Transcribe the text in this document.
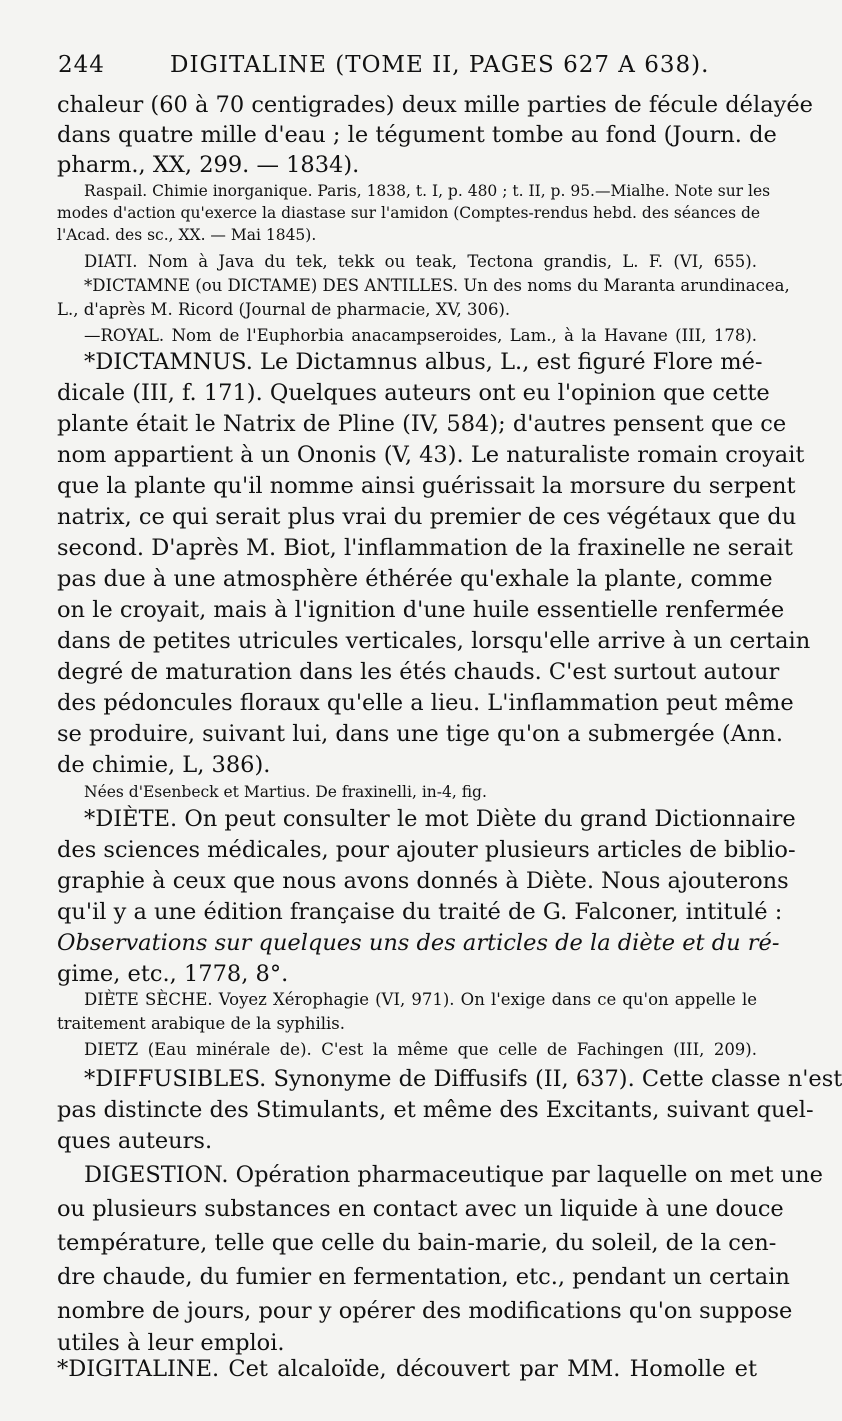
244	DIGITALINE (TOME II, PAGES 627 A 638).
chaleur (60 à 70 centigrades) deux mille parties de fécule délayée
dans quatre mille d'eau ; le tégument tombe au fond (Journ. de
pharm., XX, 299. — 1834).
Raspail. Chimie inorganique. Paris, 1838, t. I, p. 480 ; t. II, p. 95.—Mialhe. Note sur les
modes d'action qu'exerce la diastase sur l'amidon (Comptes-rendus hebd. des séances de
l'Acad. des sc., XX. — Mai 1845).
DIATI. Nom à Java du tek, tekk ou teak, Tectona grandis, L. F. (VI, 655).
*DICTAMNE (ou DICTAME) DES ANTILLES. Un des noms du Maranta arundinacea,
L., d'après M. Ricord (Journal de pharmacie, XV, 306).
—ROYAL. Nom de l'Euphorbia anacampseroides, Lam., à la Havane (III, 178).
*DICTAMNUS. Le Dictamnus albus, L., est figuré Flore mé-
dicale (III, f. 171). Quelques auteurs ont eu l'opinion que cette
plante était le Natrix de Pline (IV, 584); d'autres pensent que ce
nom appartient à un Ononis (V, 43). Le naturaliste romain croyait
que la plante qu'il nomme ainsi guérissait la morsure du serpent
natrix, ce qui serait plus vrai du premier de ces végétaux que du
second. D'après M. Biot, l'inflammation de la fraxinelle ne serait
pas due à une atmosphère éthérée qu'exhale la plante, comme
on le croyait, mais à l'ignition d'une huile essentielle renfermée
dans de petites utricules verticales, lorsqu'elle arrive à un certain
degré de maturation dans les étés chauds. C'est surtout autour
des pédoncules floraux qu'elle a lieu. L'inflammation peut même
se produire, suivant lui, dans une tige qu'on a submergée (Ann.
de chimie, L, 386).
Nées d'Esenbeck et Martius. De fraxinelli, in-4, fig.
*DIÈTE. On peut consulter le mot Diète du grand Dictionnaire
des sciences médicales, pour ajouter plusieurs articles de biblio-
graphie à ceux que nous avons donnés à Diète. Nous ajouterons
qu'il y a une édition française du traité de G. Falconer, intitulé :
Observations sur quelques uns des articles de la diète et du ré-
gime, etc., 1778, 8°.
DIÈTE SÈCHE. Voyez Xérophagie (VI, 971). On l'exige dans ce qu'on appelle le
traitement arabique de la syphilis.
DIETZ (Eau minérale de). C'est la même que celle de Fachingen (III, 209).
*DIFFUSIBLES. Synonyme de Diffusifs (II, 637). Cette classe n'est
pas distincte des Stimulants, et même des Excitants, suivant quel-
ques auteurs.
DIGESTION. Opération pharmaceutique par laquelle on met une
ou plusieurs substances en contact avec un liquide à une douce
température, telle que celle du bain-marie, du soleil, de la cen-
dre chaude, du fumier en fermentation, etc., pendant un certain
nombre de jours, pour y opérer des modifications qu'on suppose
utiles à leur emploi.
*DIGITALINE. Cet alcaloïde, découvert par MM. Homolle et
